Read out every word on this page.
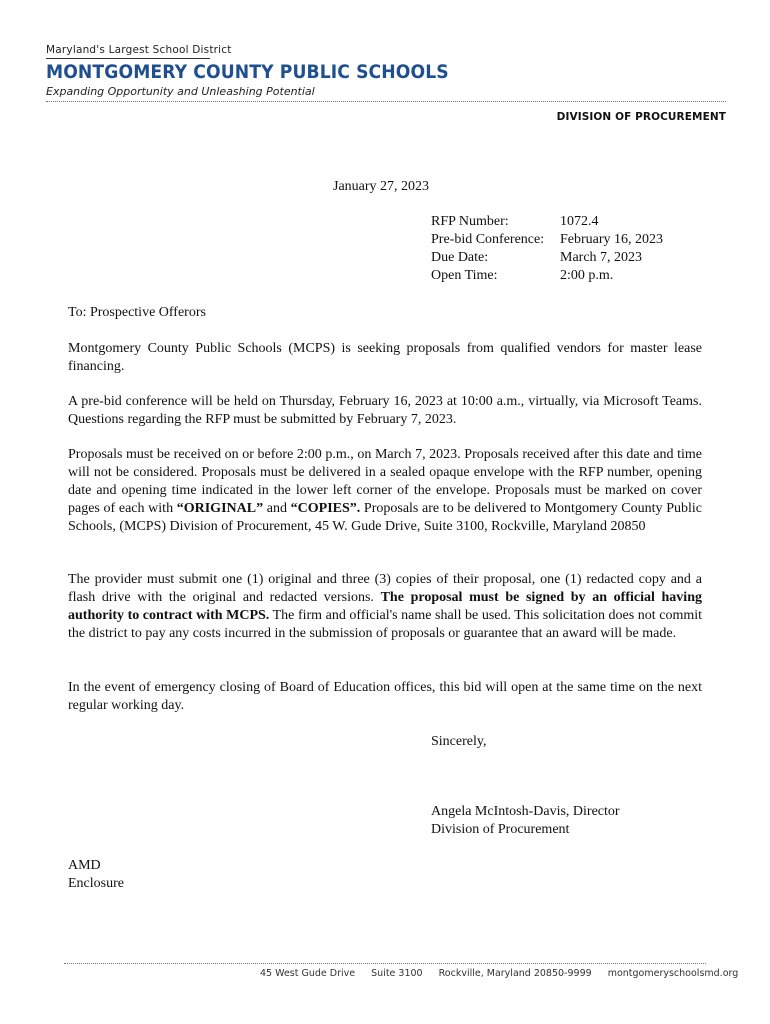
Maryland's Largest School District
MONTGOMERY COUNTY PUBLIC SCHOOLS
Expanding Opportunity and Unleashing Potential
DIVISION OF PROCUREMENT
January 27, 2023
RFP Number:	1072.4
Pre-bid Conference:	February 16, 2023
Due Date:	March 7, 2023
Open Time:	2:00 p.m.
To: Prospective Offerors
Montgomery County Public Schools (MCPS) is seeking proposals from qualified vendors for master lease financing.
A pre-bid conference will be held on Thursday, February 16, 2023 at 10:00 a.m., virtually, via Microsoft Teams. Questions regarding the RFP must be submitted by February 7, 2023.
Proposals must be received on or before 2:00 p.m., on March 7, 2023. Proposals received after this date and time will not be considered. Proposals must be delivered in a sealed opaque envelope with the RFP number, opening date and opening time indicated in the lower left corner of the envelope. Proposals must be marked on cover pages of each with “ORIGINAL” and “COPIES”. Proposals are to be delivered to Montgomery County Public Schools, (MCPS) Division of Procurement, 45 W. Gude Drive, Suite 3100, Rockville, Maryland 20850
The provider must submit one (1) original and three (3) copies of their proposal, one (1) redacted copy and a flash drive with the original and redacted versions. The proposal must be signed by an official having authority to contract with MCPS. The firm and official's name shall be used. This solicitation does not commit the district to pay any costs incurred in the submission of proposals or guarantee that an award will be made.
In the event of emergency closing of Board of Education offices, this bid will open at the same time on the next regular working day.
Sincerely,
Angela McIntosh-Davis, Director
Division of Procurement
AMD
Enclosure
45 West Gude Drive Suite 3100 Rockville, Maryland 20850-9999 montgomeryschoolsmd.org
